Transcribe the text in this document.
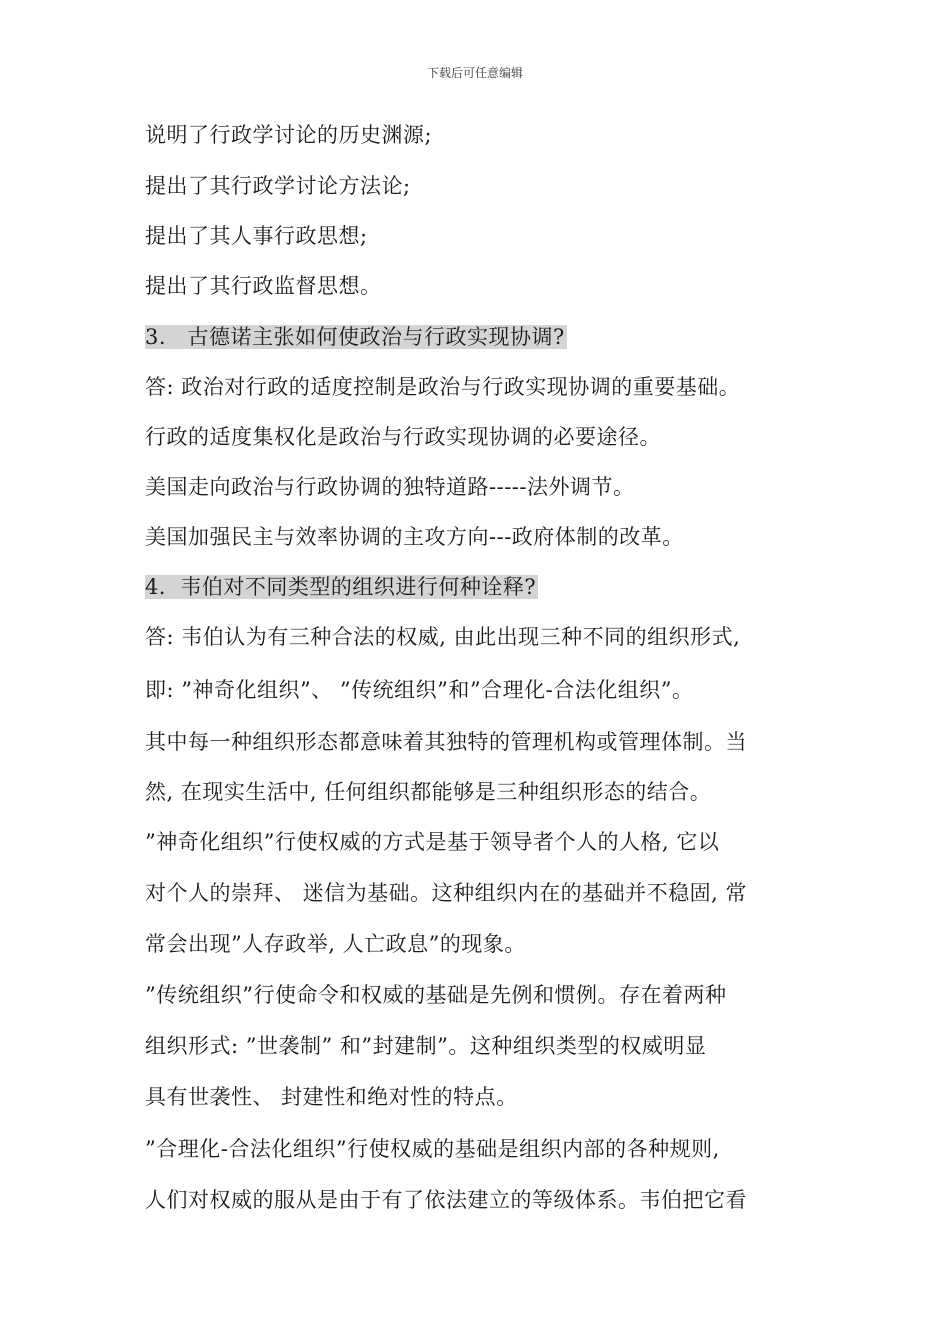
下载后可任意编辑
说明了行政学讨论的历史渊源;
提出了其行政学讨论方法论;
提出了其人事行政思想;
提出了其行政监督思想。
3.　古德诺主张如何使政治与行政实现协调?
答: 政治对行政的适度控制是政治与行政实现协调的重要基础。
行政的适度集权化是政治与行政实现协调的必要途径。
美国走向政治与行政协调的独特道路-----法外调节。
美国加强民主与效率协调的主攻方向---政府体制的改革。
4．韦伯对不同类型的组织进行何种诠释?
答: 韦伯认为有三种合法的权威, 由此出现三种不同的组织形式,
即: ”神奇化组织”、 ”传统组织”和”合理化-合法化组织”。
其中每一种组织形态都意味着其独特的管理机构或管理体制。当
然, 在现实生活中, 任何组织都能够是三种组织形态的结合。
”神奇化组织”行使权威的方式是基于领导者个人的人格, 它以
对个人的崇拜、 迷信为基础。这种组织内在的基础并不稳固, 常
常会出现”人存政举, 人亡政息”的现象。
”传统组织”行使命令和权威的基础是先例和惯例。存在着两种
组织形式: ”世袭制” 和”封建制”。这种组织类型的权威明显
具有世袭性、 封建性和绝对性的特点。
”合理化-合法化组织”行使权威的基础是组织内部的各种规则,
人们对权威的服从是由于有了依法建立的等级体系。韦伯把它看
